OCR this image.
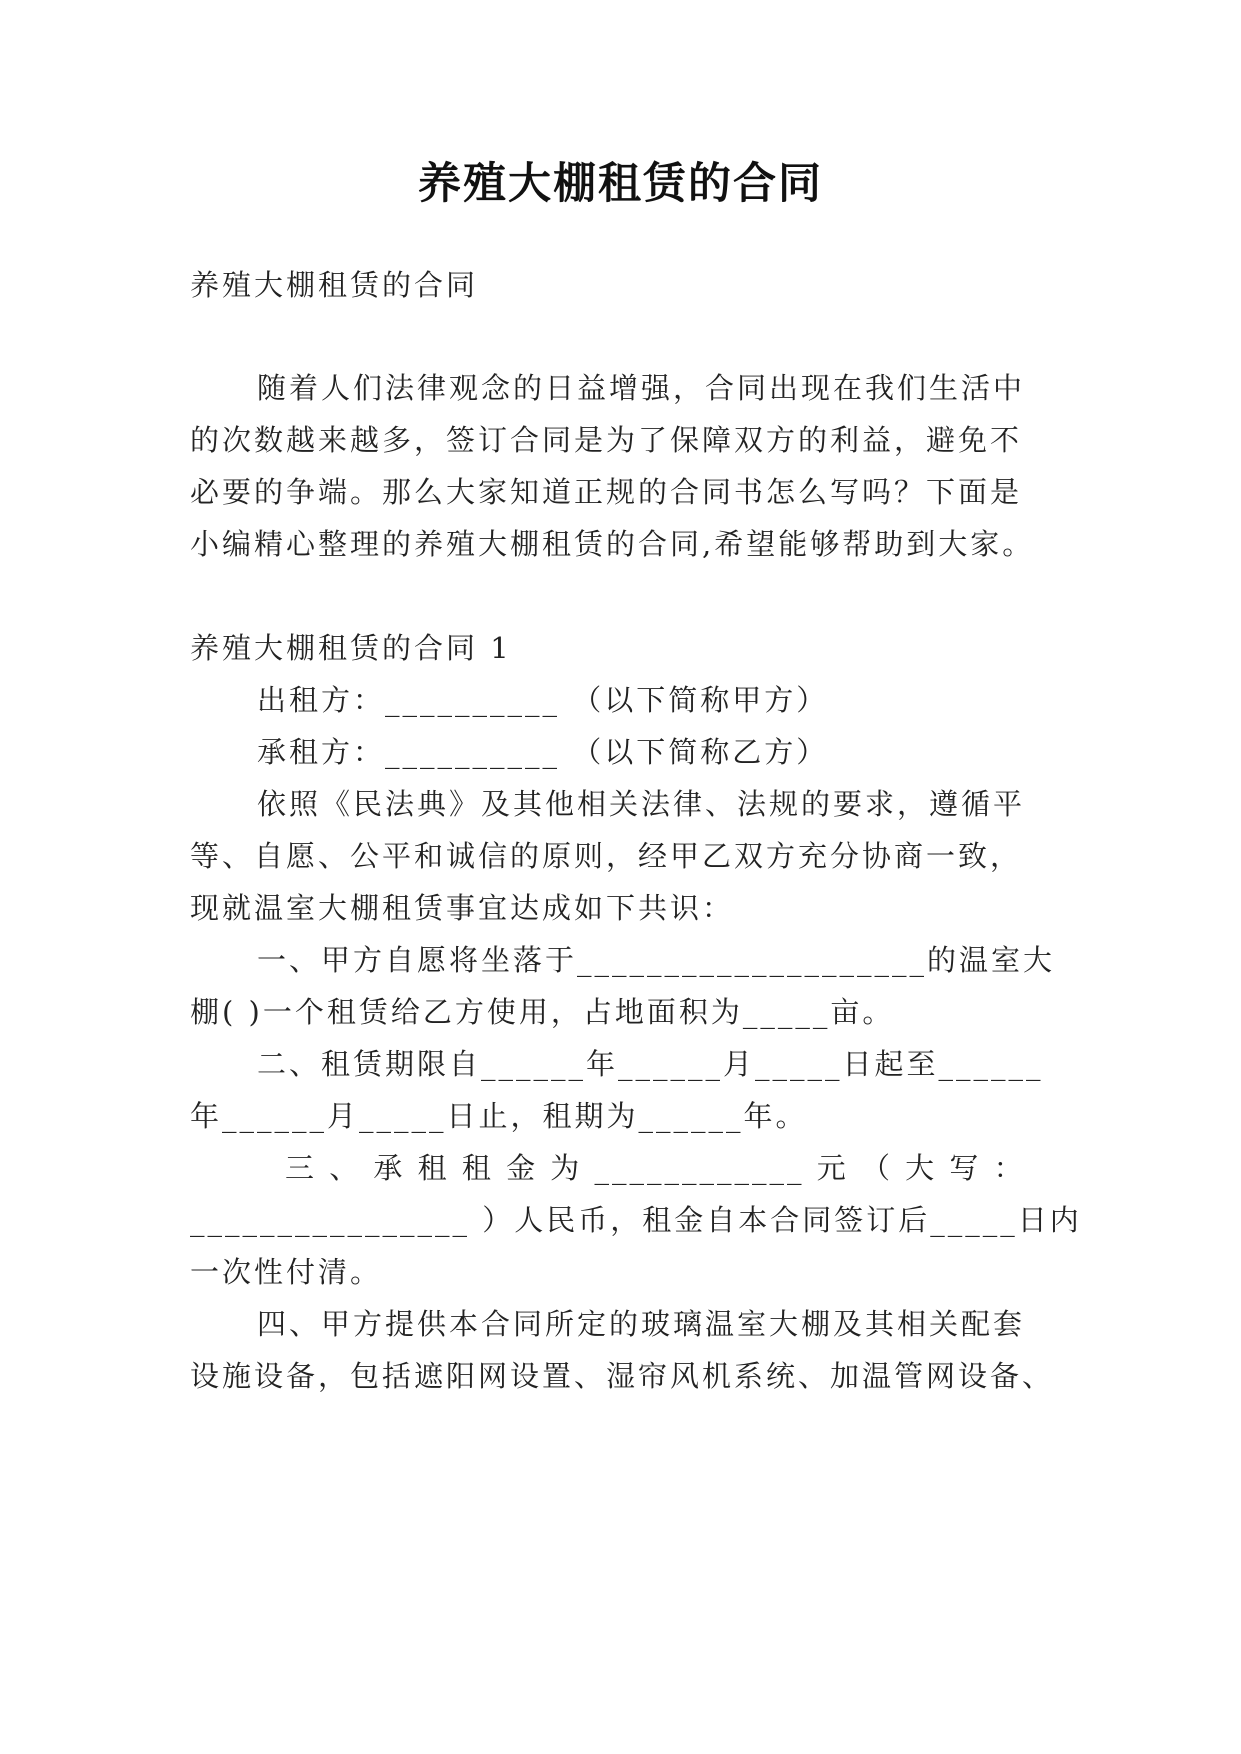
养殖大棚租赁的合同
养殖大棚租赁的合同
随着人们法律观念的日益增强，合同出现在我们生活中
的次数越来越多，签订合同是为了保障双方的利益，避免不
必要的争端。那么大家知道正规的合同书怎么写吗？下面是
小编精心整理的养殖大棚租赁的合同,希望能够帮助到大家。
养殖大棚租赁的合同 1
出租方：__________ （以下简称甲方）
承租方：__________ （以下简称乙方）
依照《民法典》及其他相关法律、法规的要求，遵循平
等、自愿、公平和诚信的原则，经甲乙双方充分协商一致，
现就温室大棚租赁事宜达成如下共识：
一、甲方自愿将坐落于____________________的温室大
棚( )一个租赁给乙方使用，占地面积为_____亩。
二、租赁期限自______年______月_____日起至______
年______月_____日止，租期为______年。
三 、 承 租 租 金 为 ____________ 元 （ 大 写 ：
________________ ）人民币，租金自本合同签订后_____日内
一次性付清。
四、甲方提供本合同所定的玻璃温室大棚及其相关配套
设施设备，包括遮阳网设置、湿帘风机系统、加温管网设备、
